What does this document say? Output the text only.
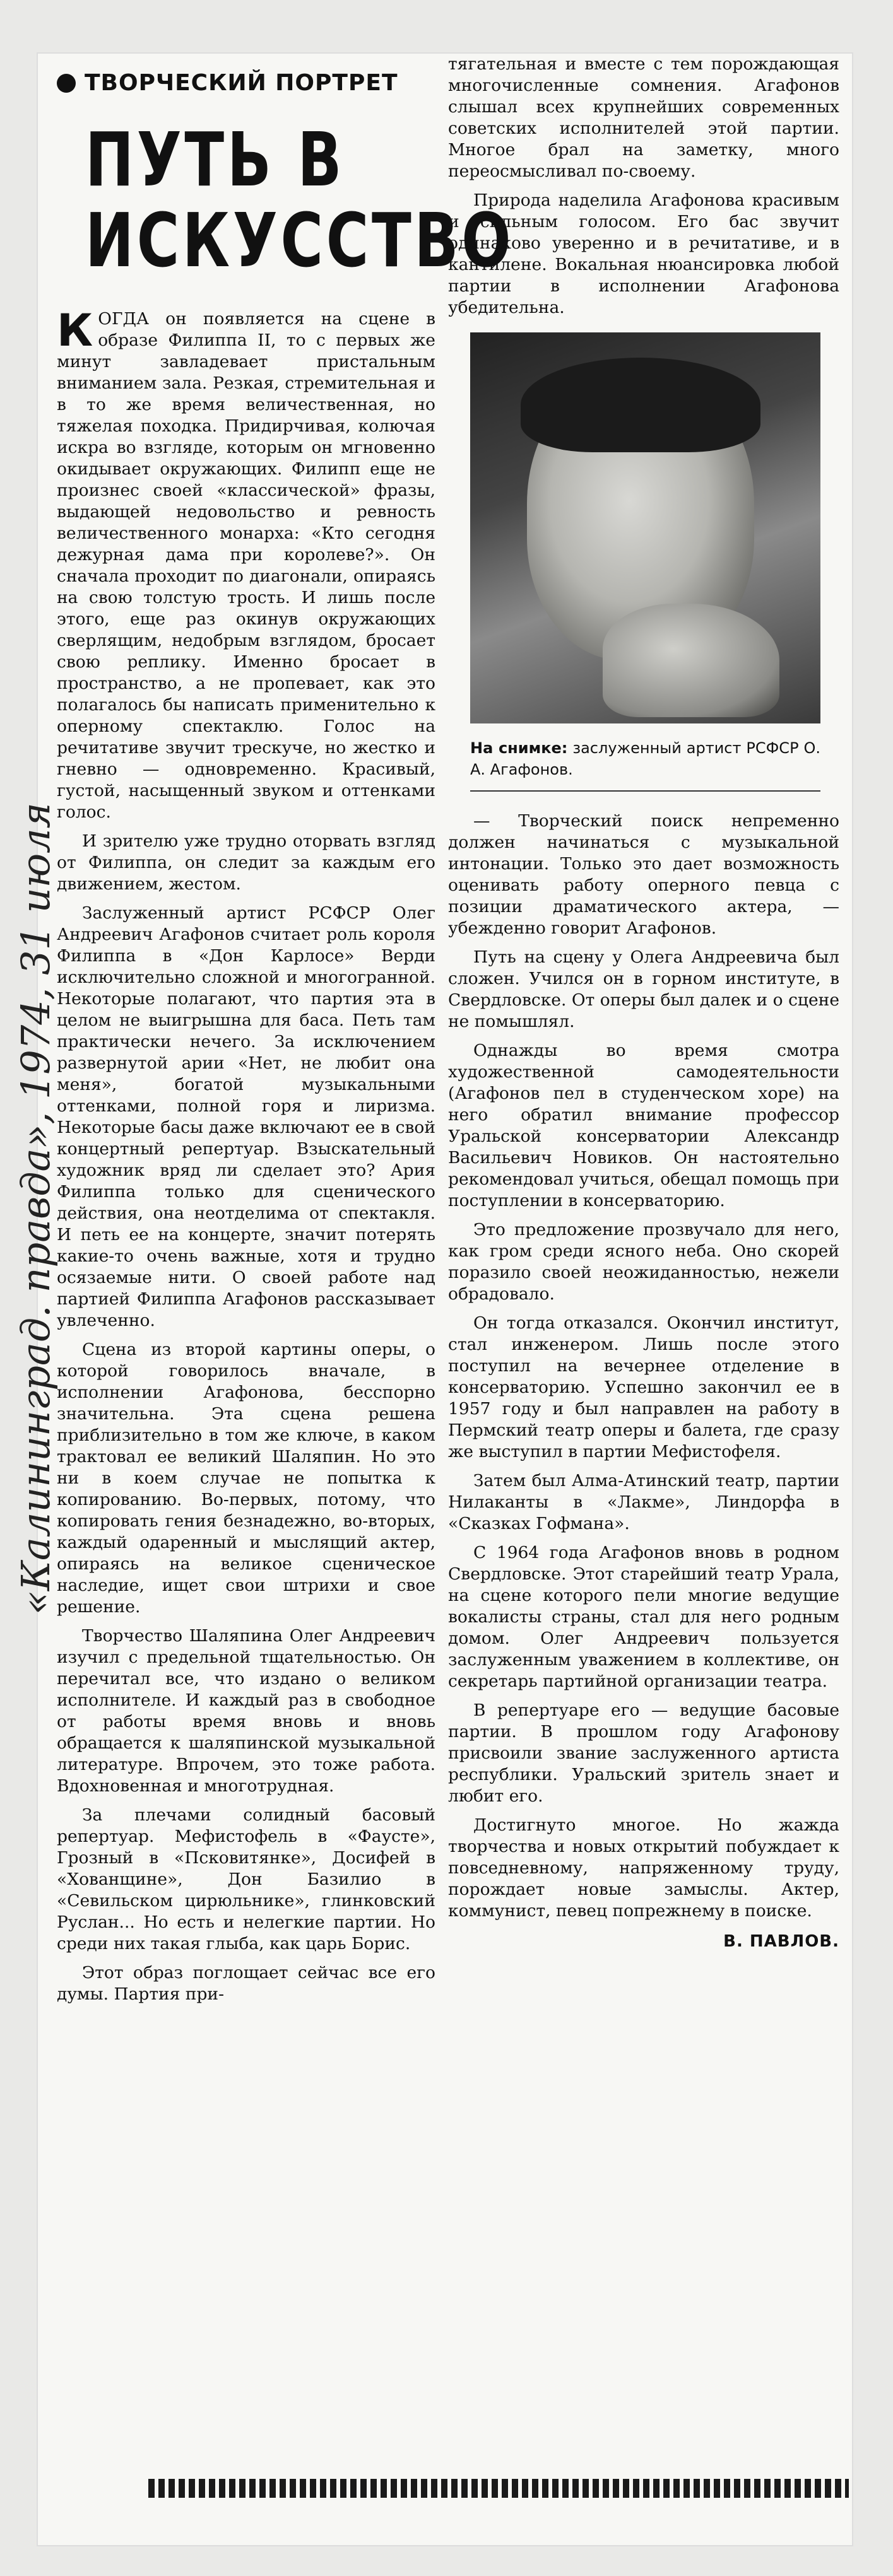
ТВОРЧЕСКИЙ ПОРТРЕТ
ПУТЬ В
ИСКУССТВО

КОГДА он появляется на сцене в образе Филиппа II, то с первых же минут завладевает пристальным вниманием зала. Резкая, стремительная и в то же время величественная, но тяжелая походка. Придирчивая, колючая искра во взгляде, которым он мгновенно окидывает окружающих. Филипп еще не произнес своей «классической» фразы, выдающей недовольство и ревность величественного монарха: «Кто сегодня дежурная дама при королеве?». Он сначала проходит по диагонали, опираясь на свою толстую трость. И лишь после этого, еще раз окинув окружающих сверлящим, недобрым взглядом, бросает свою реплику. Именно бросает в пространство, а не пропевает, как это полагалось бы написать применительно к оперному спектаклю. Голос на речитативе звучит трескуче, но жестко и гневно — одновременно. Красивый, густой, насыщенный звуком и оттенками голос.

И зрителю уже трудно оторвать взгляд от Филиппа, он следит за каждым его движением, жестом.

Заслуженный артист РСФСР Олег Андреевич Агафонов считает роль короля Филиппа в «Дон Карлосе» Верди исключительно сложной и многогранной. Некоторые полагают, что партия эта в целом не выигрышна для баса. Петь там практически нечего. За исключением развернутой арии «Нет, не любит она меня», богатой музыкальными оттенками, полной горя и лиризма. Некоторые басы даже включают ее в свой концертный репертуар. Взыскательный художник вряд ли сделает это? Ария Филиппа только для сценического действия, она неотделима от спектакля. И петь ее на концерте, значит потерять какие-то очень важные, хотя и трудно осязаемые нити. О своей работе над партией Филиппа Агафонов рассказывает увлеченно.

Сцена из второй картины оперы, о которой говорилось вначале, в исполнении Агафонова, бесспорно значительна. Эта сцена решена приблизительно в том же ключе, в каком трактовал ее великий Шаляпин. Но это ни в коем случае не попытка к копированию. Во-первых, потому, что копировать гения безнадежно, во-вторых, каждый одаренный и мыслящий актер, опираясь на великое сценическое наследие, ищет свои штрихи и свое решение.

Творчество Шаляпина Олег Андреевич изучил с предельной тщательностью. Он перечитал все, что издано о великом исполнителе. И каждый раз в свободное от работы время вновь и вновь обращается к шаляпинской музыкальной литературе. Впрочем, это тоже работа. Вдохновенная и многотрудная.

За плечами солидный басовый репертуар. Мефистофель в «Фаусте», Грозный в «Псковитянке», Досифей в «Хованщине», Дон Базилио в «Севильском цирюльнике», глинковский Руслан... Но есть и нелегкие партии. Но среди них такая глыба, как царь Борис.

Этот образ поглощает сейчас все его думы. Партия при-

тягательная и вместе с тем порождающая многочисленные сомнения. Агафонов слышал всех крупнейших современных советских исполнителей этой партии. Многое брал на заметку, много переосмысливал по-своему.

Природа наделила Агафонова красивым и сильным голосом. Его бас звучит одинаково уверенно и в речитативе, и в кантилене. Вокальная нюансировка любой партии в исполнении Агафонова убедительна.

На снимке: заслуженный артист РСФСР О. А. Агафонов.

— Творческий поиск непременно должен начинаться с музыкальной интонации. Только это дает возможность оценивать работу оперного певца с позиции драматического актера, — убежденно говорит Агафонов.

Путь на сцену у Олега Андреевича был сложен. Учился он в горном институте, в Свердловске. От оперы был далек и о сцене не помышлял.

Однажды во время смотра художественной самодеятельности (Агафонов пел в студенческом хоре) на него обратил внимание профессор Уральской консерватории Александр Васильевич Новиков. Он настоятельно рекомендовал учиться, обещал помощь при поступлении в консерваторию.

Это предложение прозвучало для него, как гром среди ясного неба. Оно скорей поразило своей неожиданностью, нежели обрадовало.

Он тогда отказался. Окончил институт, стал инженером. Лишь после этого поступил на вечернее отделение в консерваторию. Успешно закончил ее в 1957 году и был направлен на работу в Пермский театр оперы и балета, где сразу же выступил в партии Мефистофеля.

Затем был Алма-Атинский театр, партии Нилаканты в «Лакме», Линдорфа в «Сказках Гофмана».

С 1964 года Агафонов вновь в родном Свердловске. Этот старейший театр Урала, на сцене которого пели многие ведущие вокалисты страны, стал для него родным домом. Олег Андреевич пользуется заслуженным уважением в коллективе, он секретарь партийной организации театра.

В репертуаре его — ведущие басовые партии. В прошлом году Агафонову присвоили звание заслуженного артиста республики. Уральский зритель знает и любит его.

Достигнуто многое. Но жажда творчества и новых открытий побуждает к повседневному, напряженному труду, порождает новые замыслы. Актер, коммунист, певец попрежнему в поиске.

В. ПАВЛОВ.
«Калининград. правда», 1974, 31 июля
